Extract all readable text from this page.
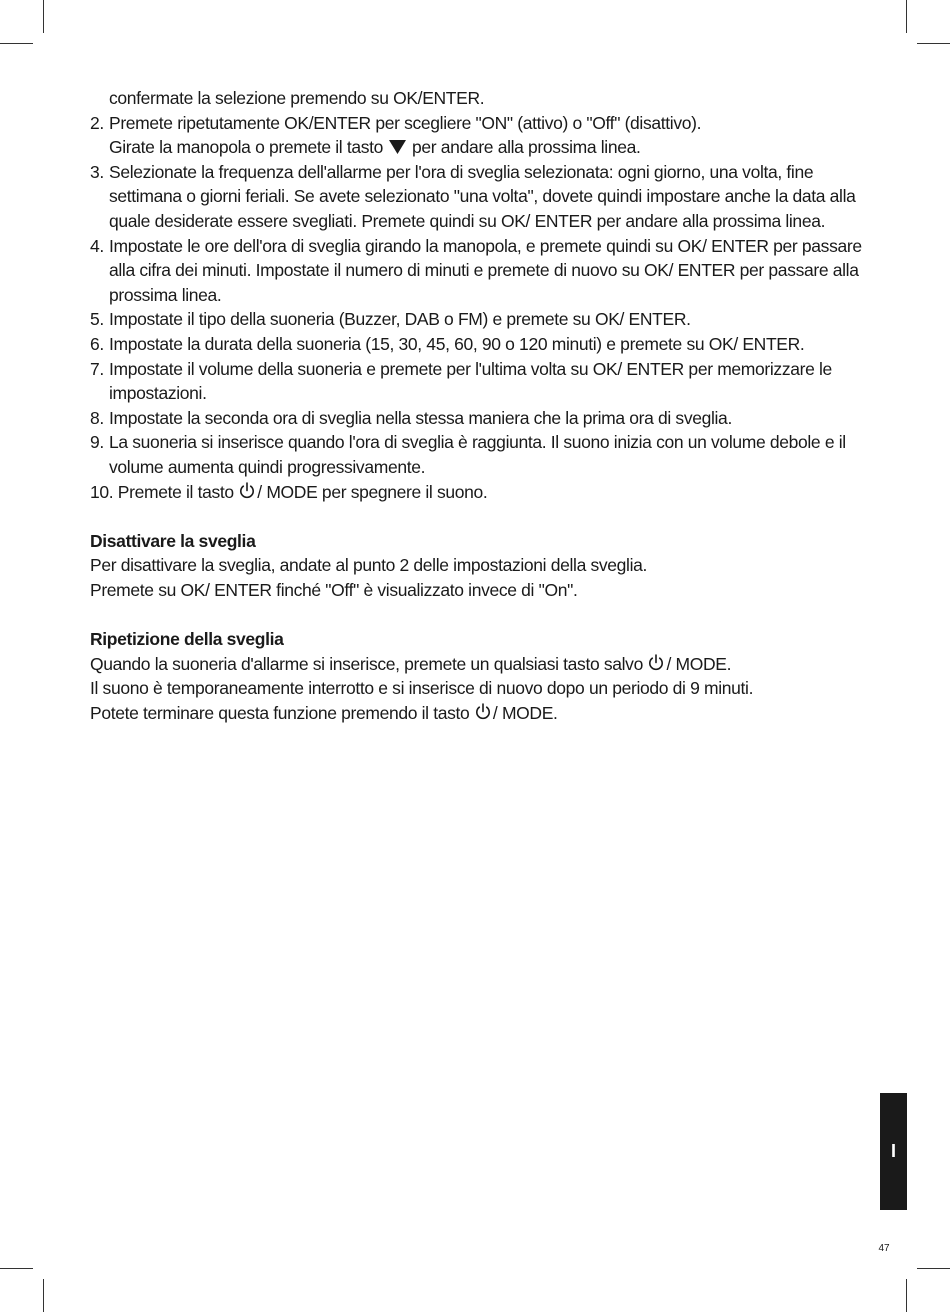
confermate la selezione premendo su OK/ENTER.

2. Premete ripetutamente OK/ENTER per scegliere "ON" (attivo) o "Off" (disattivo).
Girate la manopola o premete il tasto  per andare alla prossima linea.
3. Selezionate la frequenza dell'allarme per l'ora di sveglia selezionata: ogni giorno, una volta, fine settimana o giorni feriali. Se avete selezionato "una volta", dovete quindi impostare anche la data alla quale desiderate essere svegliati. Premete quindi su OK/ ENTER per andare alla prossima linea.
4. Impostate le ore dell'ora di sveglia girando la manopola, e premete quindi su OK/ ENTER per passare alla cifra dei minuti. Impostate il numero di minuti e premete di nuovo su OK/ ENTER per passare alla prossima linea.
5. Impostate il tipo della suoneria (Buzzer, DAB o FM) e premete su OK/ ENTER.
6. Impostate la durata della suoneria (15, 30, 45, 60, 90 o 120 minuti) e premete su OK/ ENTER.
7. Impostate il volume della suoneria e premete per l'ultima volta su OK/ ENTER per memorizzare le impostazioni.
8. Impostate la seconda ora di sveglia nella stessa maniera che la prima ora di sveglia.
9. La suoneria si inserisce quando l'ora di sveglia è raggiunta. Il suono inizia con un volume debole e il volume aumenta quindi progressivamente.
10. Premete il tasto / MODE per spegnere il suono.

Disattivare la sveglia

Per disattivare la sveglia, andate al punto 2 delle impostazioni della sveglia.

Premete su OK/ ENTER finché "Off" è visualizzato invece di "On".

Ripetizione della sveglia

Quando la suoneria d'allarme si inserisce, premete un qualsiasi tasto salvo / MODE.

Il suono è temporaneamente interrotto e si inserisce di nuovo dopo un periodo di 9 minuti.

Potete terminare questa funzione premendo il tasto / MODE.

I
47
